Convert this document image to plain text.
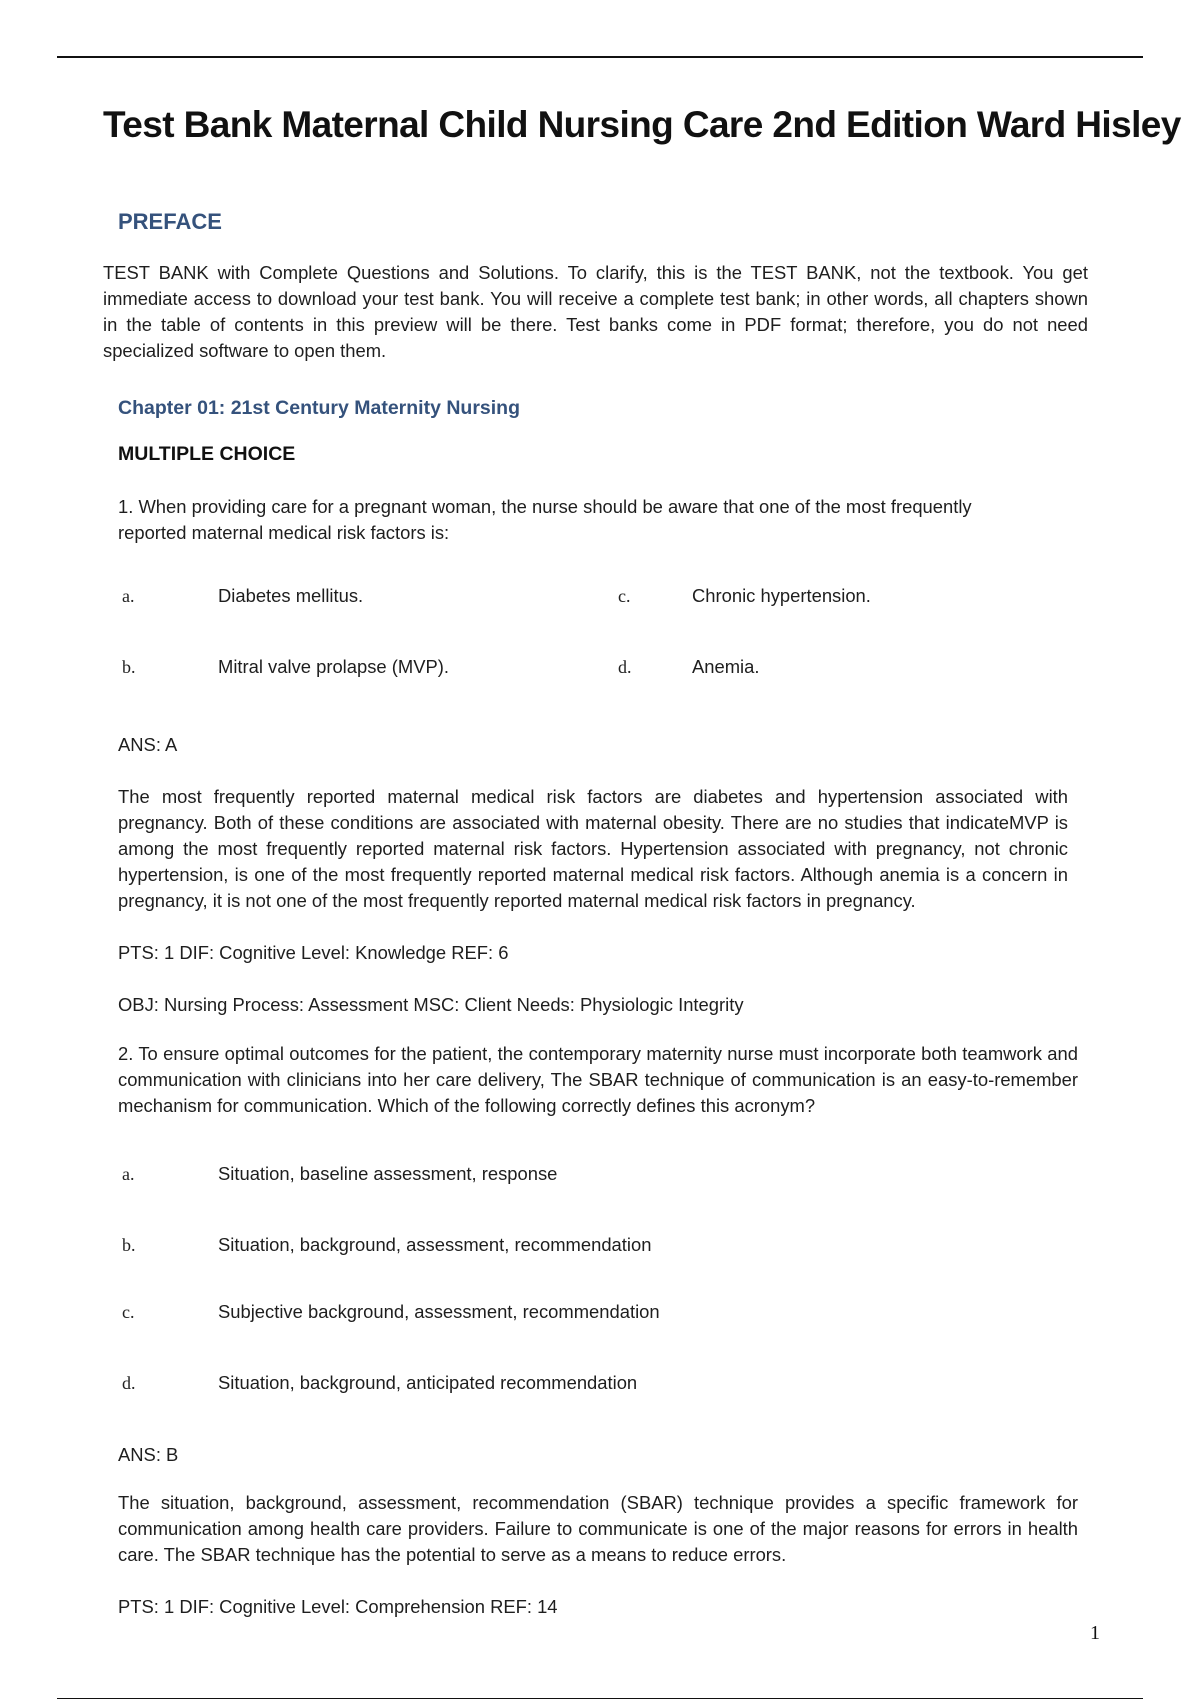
Test Bank Maternal Child Nursing Care 2nd Edition Ward Hisley
PREFACE
TEST BANK with Complete Questions and Solutions. To clarify, this is the TEST BANK, not the textbook. You get immediate access to download your test bank. You will receive a complete test bank; in other words, all chapters shown in the table of contents in this preview will be there. Test banks come in PDF format; therefore, you do not need specialized software to open them.
Chapter 01: 21st Century Maternity Nursing
MULTIPLE CHOICE
1. When providing care for a pregnant woman, the nurse should be aware that one of the most frequently
reported maternal medical risk factors is:
a.	Diabetes mellitus.	c.	Chronic hypertension.
b.	Mitral valve prolapse (MVP).	d.	Anemia.
ANS: A
The most frequently reported maternal medical risk factors are diabetes and hypertension associated with pregnancy. Both of these conditions are associated with maternal obesity. There are no studies that indicateMVP is among the most frequently reported maternal risk factors. Hypertension associated with pregnancy, not chronic hypertension, is one of the most frequently reported maternal medical risk factors. Although anemia is a concern in pregnancy, it is not one of the most frequently reported maternal medical risk factors in pregnancy.
PTS: 1 DIF: Cognitive Level: Knowledge REF: 6
OBJ: Nursing Process: Assessment MSC: Client Needs: Physiologic Integrity
2. To ensure optimal outcomes for the patient, the contemporary maternity nurse must incorporate both teamwork and communication with clinicians into her care delivery, The SBAR technique of communication is an easy-to-remember mechanism for communication. Which of the following correctly defines this acronym?
a.	Situation, baseline assessment, response
b.	Situation, background, assessment, recommendation
c.	Subjective background, assessment, recommendation
d.	Situation, background, anticipated recommendation
ANS: B
The situation, background, assessment, recommendation (SBAR) technique provides a specific framework for communication among health care providers. Failure to communicate is one of the major reasons for errors in health care. The SBAR technique has the potential to serve as a means to reduce errors.
PTS: 1 DIF: Cognitive Level: Comprehension REF: 14
1
